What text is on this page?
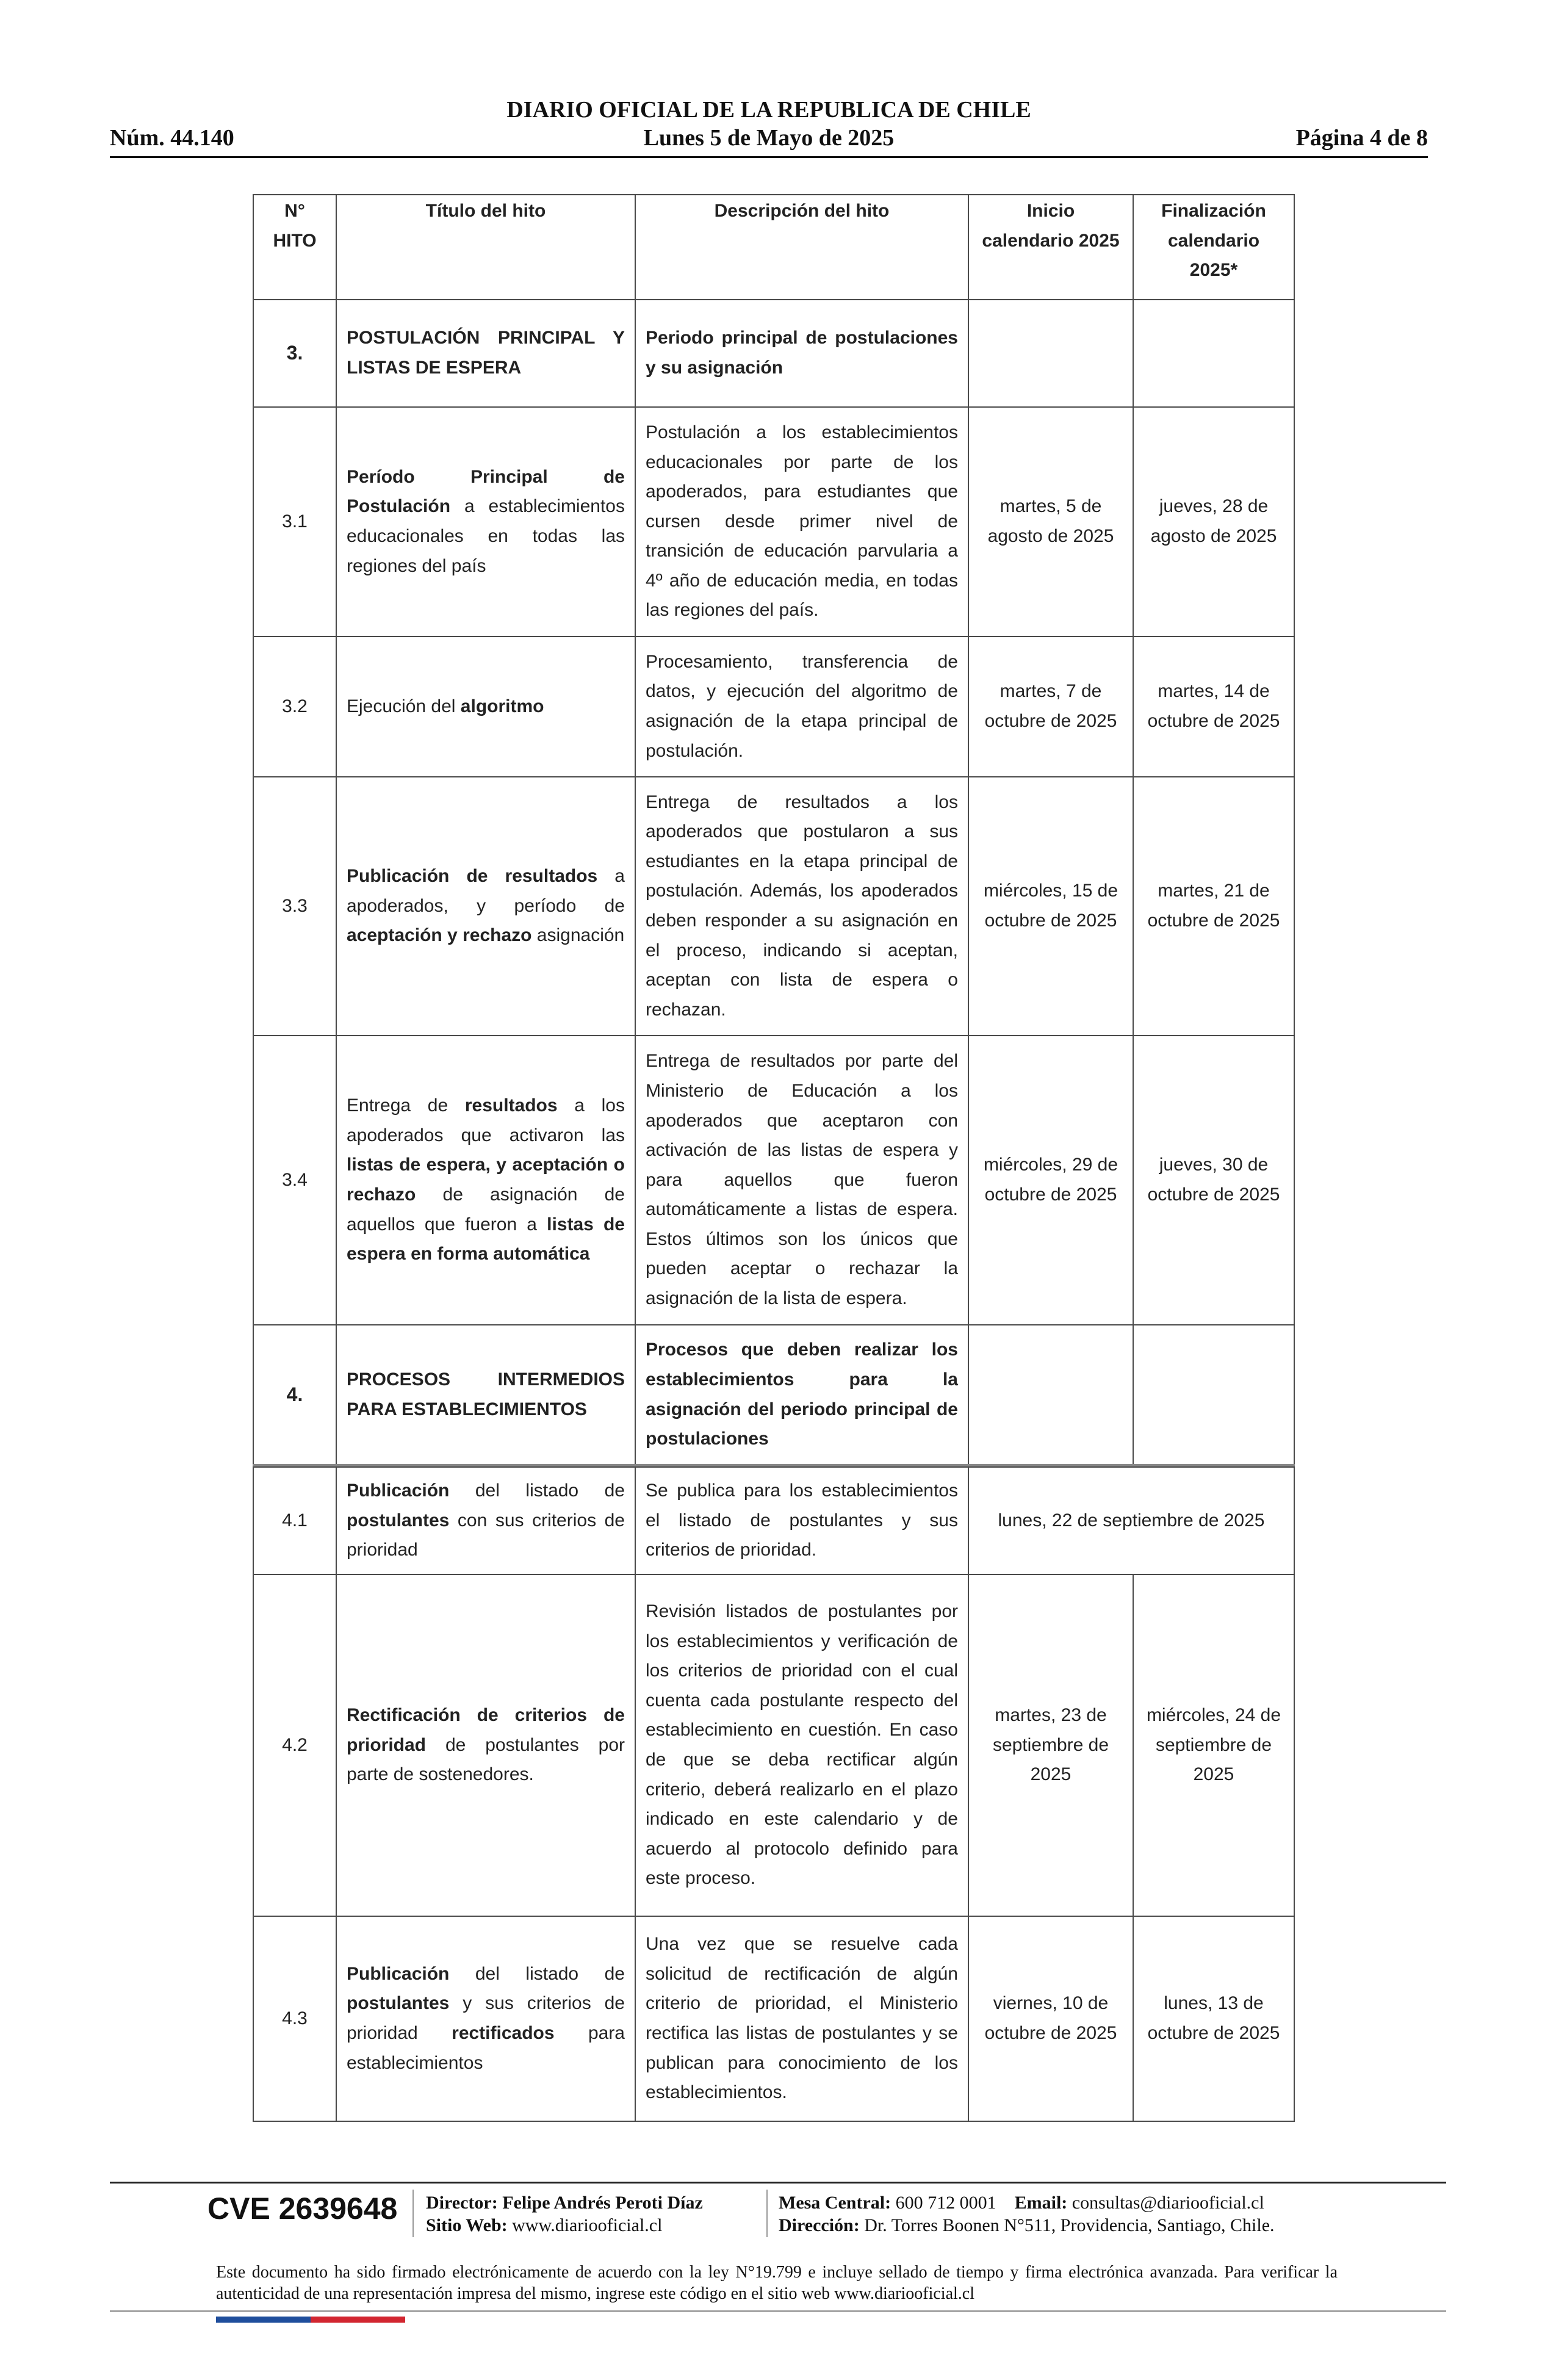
DIARIO OFICIAL DE LA REPUBLICA DE CHILE
Núm. 44.140	Lunes 5 de Mayo de 2025	Página 4 de 8
N° HITO	Título del hito	Descripción del hito	Inicio calendario 2025	Finalización calendario 2025*
3.	POSTULACIÓN PRINCIPAL Y LISTAS DE ESPERA	Periodo principal de postulaciones y su asignación		
3.1	Período Principal de Postulación a establecimientos educacionales en todas las regiones del país	Postulación a los establecimientos educacionales por parte de los apoderados, para estudiantes que cursen desde primer nivel de transición de educación parvularia a 4º año de educación media, en todas las regiones del país.	martes, 5 de agosto de 2025	jueves, 28 de agosto de 2025
3.2	Ejecución del algoritmo	Procesamiento, transferencia de datos, y ejecución del algoritmo de asignación de la etapa principal de postulación.	martes, 7 de octubre de 2025	martes, 14 de octubre de 2025
3.3	Publicación de resultados a apoderados, y período de aceptación y rechazo asignación	Entrega de resultados a los apoderados que postularon a sus estudiantes en la etapa principal de postulación. Además, los apoderados deben responder a su asignación en el proceso, indicando si aceptan, aceptan con lista de espera o rechazan.	miércoles, 15 de octubre de 2025	martes, 21 de octubre de 2025
3.4	Entrega de resultados a los apoderados que activaron las listas de espera, y aceptación o rechazo de asignación de aquellos que fueron a listas de espera en forma automática	Entrega de resultados por parte del Ministerio de Educación a los apoderados que aceptaron con activación de las listas de espera y para aquellos que fueron automáticamente a listas de espera. Estos últimos son los únicos que pueden aceptar o rechazar la asignación de la lista de espera.	miércoles, 29 de octubre de 2025	jueves, 30 de octubre de 2025
4.	PROCESOS INTERMEDIOS PARA ESTABLECIMIENTOS	Procesos que deben realizar los establecimientos para la asignación del periodo principal de postulaciones		

4.1	Publicación del listado de postulantes con sus criterios de prioridad	Se publica para los establecimientos el listado de postulantes y sus criterios de prioridad.	lunes, 22 de septiembre de 2025	
4.2	Rectificación de criterios de prioridad de postulantes por parte de sostenedores.	Revisión listados de postulantes por los establecimientos y verificación de los criterios de prioridad con el cual cuenta cada postulante respecto del establecimiento en cuestión. En caso de que se deba rectificar algún criterio, deberá realizarlo en el plazo indicado en este calendario y de acuerdo al protocolo definido para este proceso.	martes, 23 de septiembre de 2025	miércoles, 24 de septiembre de 2025
4.3	Publicación del listado de postulantes y sus criterios de prioridad rectificados para establecimientos	Una vez que se resuelve cada solicitud de rectificación de algún criterio de prioridad, el Ministerio rectifica las listas de postulantes y se publican para conocimiento de los establecimientos.	viernes, 10 de octubre de 2025	lunes, 13 de octubre de 2025
CVE 2639648 Director: Felipe Andrés Peroti Díaz
Sitio Web: www.diariooficial.cl
Mesa Central: 600 712 0001 Email: consultas@diariooficial.cl
Dirección: Dr. Torres Boonen N°511, Providencia, Santiago, Chile.
Este documento ha sido firmado electrónicamente de acuerdo con la ley N°19.799 e incluye sellado de tiempo y firma electrónica avanzada. Para verificar la autenticidad de una representación impresa del mismo, ingrese este código en el sitio web www.diariooficial.cl
